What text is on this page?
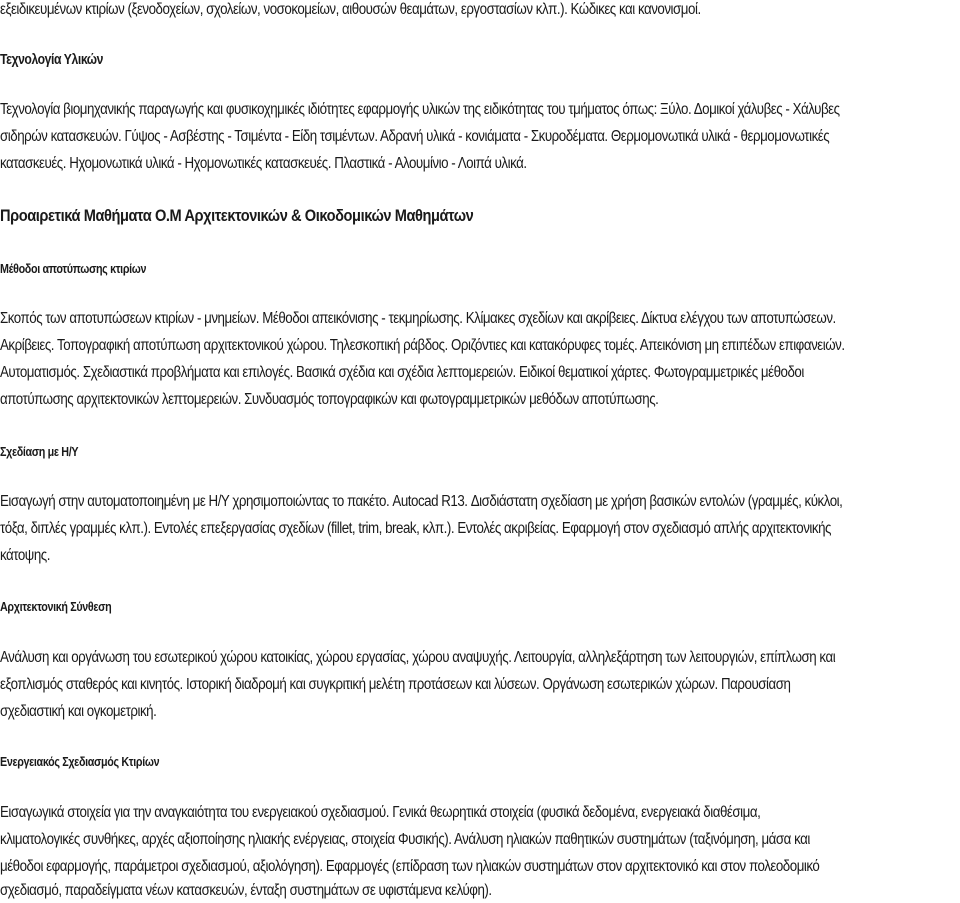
εξειδικευμένων κτιρίων (ξενοδοχείων, σχολείων, νοσοκομείων, αιθουσών θεαμάτων, εργοστασίων κλπ.). Κώδικες και κανονισμοί.
Τεχνολογία Υλικών
Τεχνολογία βιομηχανικής παραγωγής και φυσικοχημικές ιδιότητες εφαρμογής υλικών της ειδικότητας του τμήματος όπως: Ξύλο. Δομικοί χάλυβες - Χάλυβες
σιδηρών κατασκευών. Γύψος - Ασβέστης - Τσιμέντα - Είδη τσιμέντων. Αδρανή υλικά - κονιάματα - Σκυροδέματα. Θερμομονωτικά υλικά - θερμομονωτικές
κατασκευές. Ηχομονωτικά υλικά - Ηχομονωτικές κατασκευές. Πλαστικά - Αλουμίνιο - Λοιπά υλικά.
Προαιρετικά Μαθήματα Ο.Μ Αρχιτεκτονικών & Οικοδομικών Μαθημάτων
Μέθοδοι αποτύπωσης κτιρίων
Σκοπός των αποτυπώσεων κτιρίων - μνημείων. Μέθοδοι απεικόνισης - τεκμηρίωσης. Κλίμακες σχεδίων και ακρίβειες. Δίκτυα ελέγχου των αποτυπώσεων.
Ακρίβειες. Τοπογραφική αποτύπωση αρχιτεκτονικού χώρου. Τηλεσκοπική ράβδος. Οριζόντιες και κατακόρυφες τομές. Απεικόνιση μη επιπέδων επιφανειών.
Αυτοματισμός. Σχεδιαστικά προβλήματα και επιλογές. Βασικά σχέδια και σχέδια λεπτομερειών. Ειδικοί θεματικοί χάρτες. Φωτογραμμετρικές μέθοδοι
αποτύπωσης αρχιτεκτονικών λεπτομερειών. Συνδυασμός τοπογραφικών και φωτογραμμετρικών μεθόδων αποτύπωσης.
Σχεδίαση με Η/Υ
Εισαγωγή στην αυτοματοποιημένη με Η/Υ χρησιμοποιώντας το πακέτο. Autocad R13. Δισδιάστατη σχεδίαση με χρήση βασικών εντολών (γραμμές, κύκλοι,
τόξα, διπλές γραμμές κλπ.). Εντολές επεξεργασίας σχεδίων (fillet, trim, break, κλπ.). Εντολές ακριβείας. Εφαρμογή στον σχεδιασμό απλής αρχιτεκτονικής
κάτοψης.
Αρχιτεκτονική Σύνθεση
Ανάλυση και οργάνωση του εσωτερικού χώρου κατοικίας, χώρου εργασίας, χώρου αναψυχής. Λειτουργία, αλληλεξάρτηση των λειτουργιών, επίπλωση και
εξοπλισμός σταθερός και κινητός. Ιστορική διαδρομή και συγκριτική μελέτη προτάσεων και λύσεων. Οργάνωση εσωτερικών χώρων. Παρουσίαση
σχεδιαστική και ογκομετρική.
Ενεργειακός Σχεδιασμός Κτιρίων
Εισαγωγικά στοιχεία για την αναγκαιότητα του ενεργειακού σχεδιασμού. Γενικά θεωρητικά στοιχεία (φυσικά δεδομένα, ενεργειακά διαθέσιμα,
κλιματολογικές συνθήκες, αρχές αξιοποίησης ηλιακής ενέργειας, στοιχεία Φυσικής). Ανάλυση ηλιακών παθητικών συστημάτων (ταξινόμηση, μάσα και
μέθοδοι εφαρμογής, παράμετροι σχεδιασμού, αξιολόγηση). Εφαρμογές (επίδραση των ηλιακών συστημάτων στον αρχιτεκτονικό και στον πολεοδομικό
σχεδιασμό, παραδείγματα νέων κατασκευών, ένταξη συστημάτων σε υφιστάμενα κελύφη).
